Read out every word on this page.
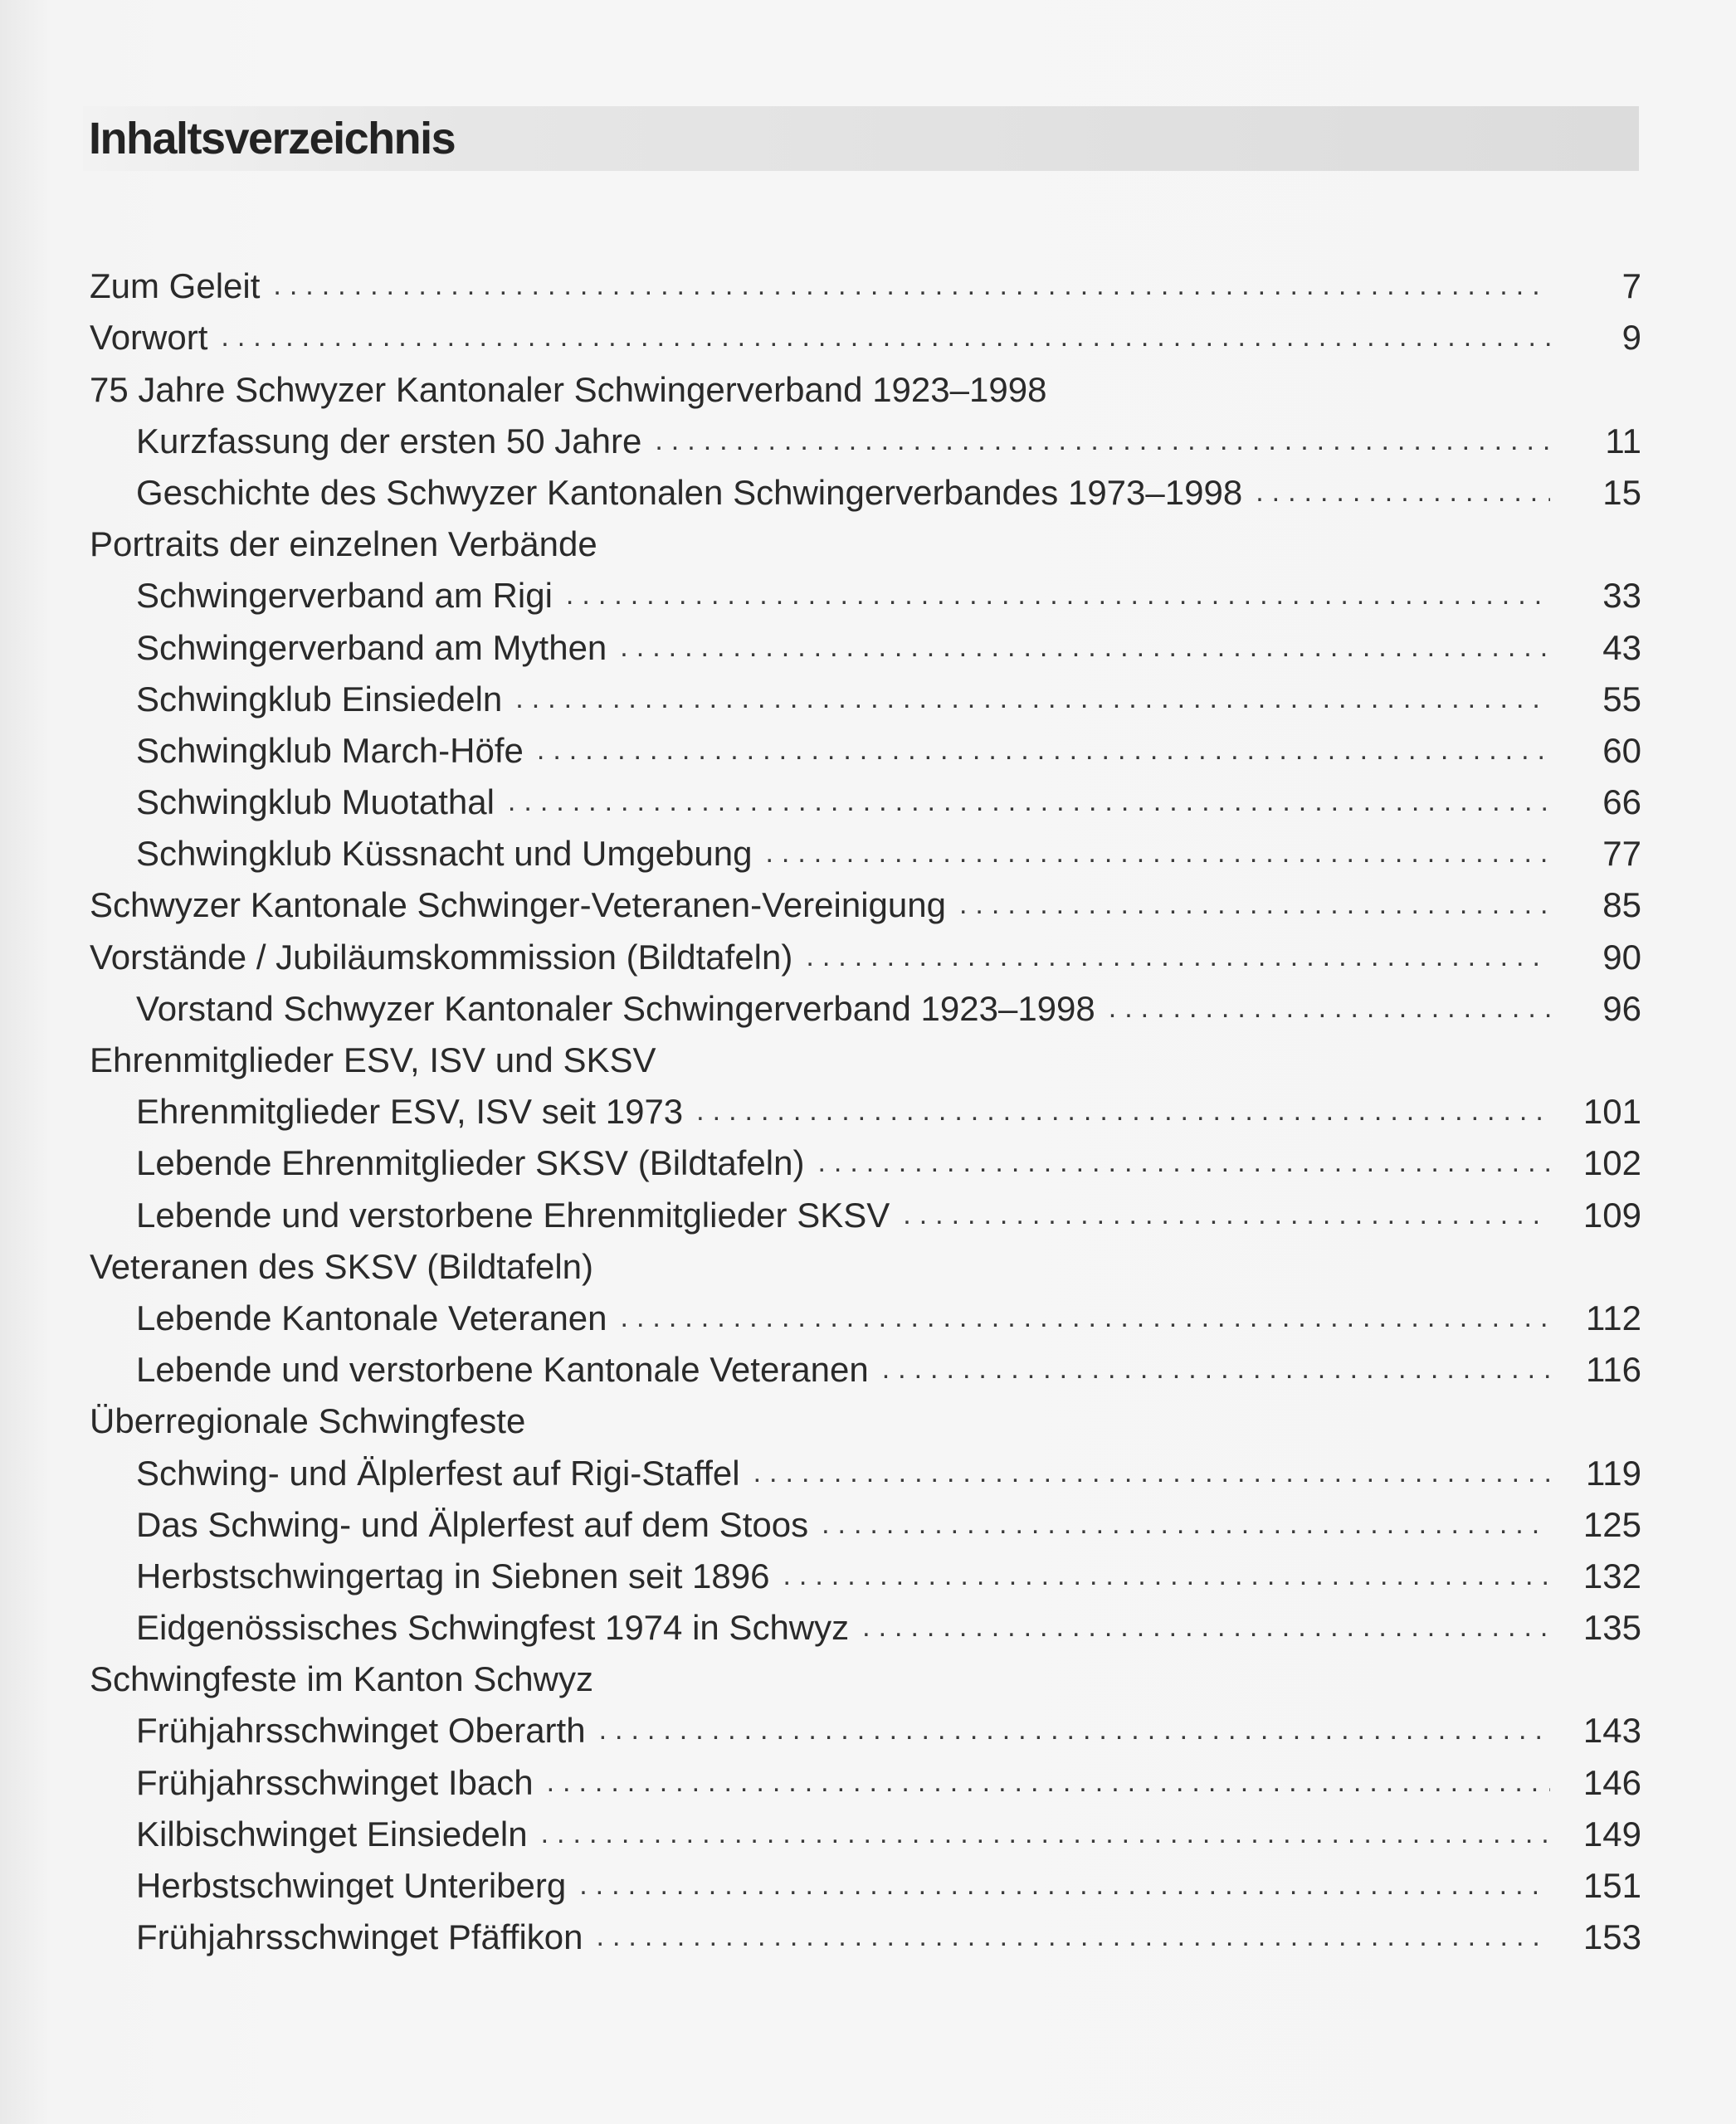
Inhaltsverzeichnis
Zum Geleit .....	7
Vorwort .....	9
75 Jahre Schwyzer Kantonaler Schwingerverband 1923–1998
Kurzfassung der ersten 50 Jahre .....	11
Geschichte des Schwyzer Kantonalen Schwingerverbandes 1973–1998 .....	15
Portraits der einzelnen Verbände
Schwingerverband am Rigi .....	33
Schwingerverband am Mythen .....	43
Schwingklub Einsiedeln .....	55
Schwingklub March-Höfe .....	60
Schwingklub Muotathal .....	66
Schwingklub Küssnacht und Umgebung .....	77
Schwyzer Kantonale Schwinger-Veteranen-Vereinigung .....	85
Vorstände / Jubiläumskommission (Bildtafeln) .....	90
Vorstand Schwyzer Kantonaler Schwingerverband 1923–1998 .....	96
Ehrenmitglieder ESV, ISV und SKSV
Ehrenmitglieder ESV, ISV seit 1973 .....	101
Lebende Ehrenmitglieder SKSV (Bildtafeln) .....	102
Lebende und verstorbene Ehrenmitglieder SKSV .....	109
Veteranen des SKSV (Bildtafeln)
Lebende Kantonale Veteranen .....	112
Lebende und verstorbene Kantonale Veteranen .....	116
Überregionale Schwingfeste
Schwing- und Älplerfest auf Rigi-Staffel .....	119
Das Schwing- und Älplerfest auf dem Stoos .....	125
Herbstschwingertag in Siebnen seit 1896 .....	132
Eidgenössisches Schwingfest 1974 in Schwyz .....	135
Schwingfeste im Kanton Schwyz
Frühjahrsschwinget Oberarth .....	143
Frühjahrsschwinget Ibach .....	146
Kilbischwinget Einsiedeln .....	149
Herbstschwinget Unteriberg .....	151
Frühjahrsschwinget Pfäffikon .....	153
